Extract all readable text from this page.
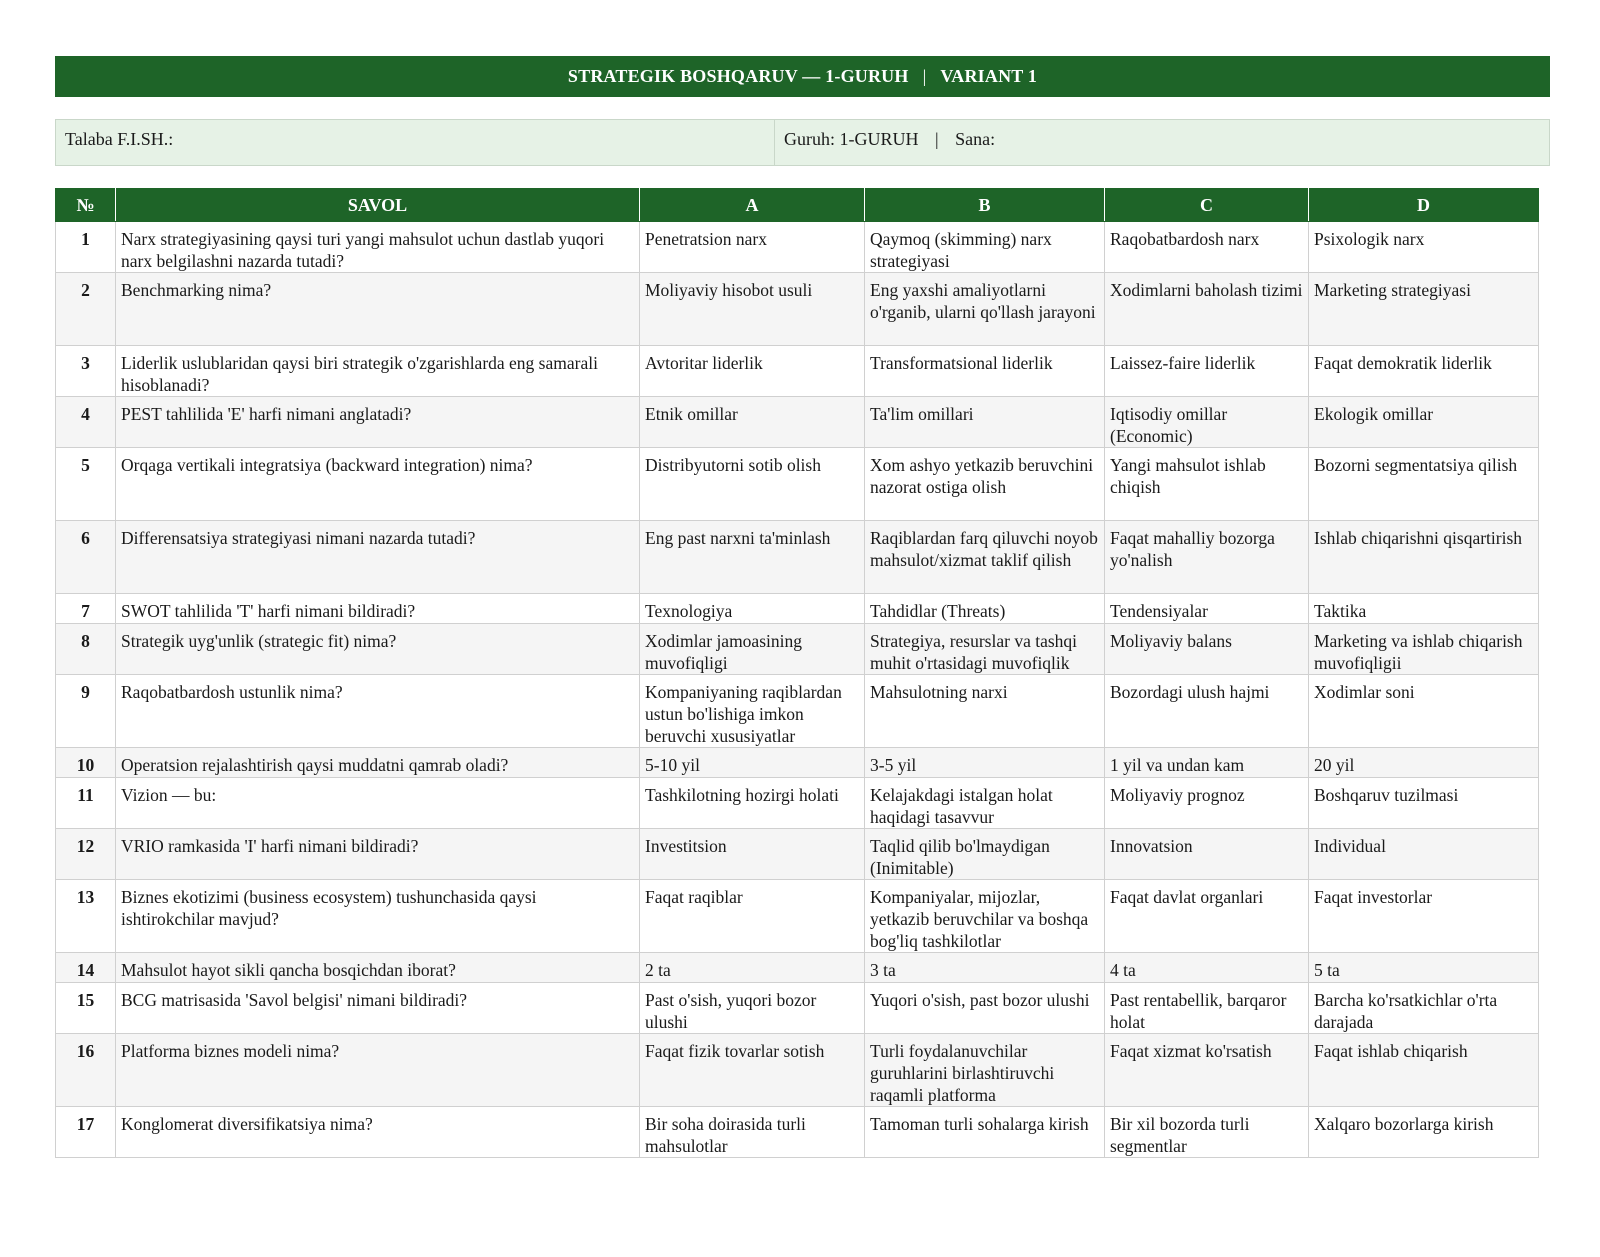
STRATEGIK BOSHQARUV — 1-GURUH | VARIANT 1
Talaba F.I.SH.:	Guruh: 1-GURUH | Sana:
№	SAVOL	A	B	C	D
1	Narx strategiyasining qaysi turi yangi mahsulot uchun dastlab yuqori narx belgilashni nazarda tutadi?	Penetratsion narx	Qaymoq (skimming) narx strategiyasi	Raqobatbardosh narx	Psixologik narx
2	Benchmarking nima?	Moliyaviy hisobot usuli	Eng yaxshi amaliyotlarni o'rganib, ularni qo'llash jarayoni	Xodimlarni baholash tizimi	Marketing strategiyasi
3	Liderlik uslublaridan qaysi biri strategik o'zgarishlarda eng samarali hisoblanadi?	Avtoritar liderlik	Transformatsional liderlik	Laissez-faire liderlik	Faqat demokratik liderlik
4	PEST tahlilida 'E' harfi nimani anglatadi?	Etnik omillar	Ta'lim omillari	Iqtisodiy omillar (Economic)	Ekologik omillar
5	Orqaga vertikali integratsiya (backward integration) nima?	Distribyutorni sotib olish	Xom ashyo yetkazib beruvchini nazorat ostiga olish	Yangi mahsulot ishlab chiqish	Bozorni segmentatsiya qilish
6	Differensatsiya strategiyasi nimani nazarda tutadi?	Eng past narxni ta'minlash	Raqiblardan farq qiluvchi noyob mahsulot/xizmat taklif qilish	Faqat mahalliy bozorga yo'nalish	Ishlab chiqarishni qisqartirish
7	SWOT tahlilida 'T' harfi nimani bildiradi?	Texnologiya	Tahdidlar (Threats)	Tendensiyalar	Taktika
8	Strategik uyg'unlik (strategic fit) nima?	Xodimlar jamoasining muvofiqligi	Strategiya, resurslar va tashqi muhit o'rtasidagi muvofiqlik	Moliyaviy balans	Marketing va ishlab chiqarish muvofiqligii
9	Raqobatbardosh ustunlik nima?	Kompaniyaning raqiblardan ustun bo'lishiga imkon beruvchi xususiyatlar	Mahsulotning narxi	Bozordagi ulush hajmi	Xodimlar soni
10	Operatsion rejalashtirish qaysi muddatni qamrab oladi?	5-10 yil	3-5 yil	1 yil va undan kam	20 yil
11	Vizion — bu:	Tashkilotning hozirgi holati	Kelajakdagi istalgan holat haqidagi tasavvur	Moliyaviy prognoz	Boshqaruv tuzilmasi
12	VRIO ramkasida 'I' harfi nimani bildiradi?	Investitsion	Taqlid qilib bo'lmaydigan (Inimitable)	Innovatsion	Individual
13	Biznes ekotizimi (business ecosystem) tushunchasida qaysi ishtirokchilar mavjud?	Faqat raqiblar	Kompaniyalar, mijozlar, yetkazib beruvchilar va boshqa bog'liq tashkilotlar	Faqat davlat organlari	Faqat investorlar
14	Mahsulot hayot sikli qancha bosqichdan iborat?	2 ta	3 ta	4 ta	5 ta
15	BCG matrisasida 'Savol belgisi' nimani bildiradi?	Past o'sish, yuqori bozor ulushi	Yuqori o'sish, past bozor ulushi	Past rentabellik, barqaror holat	Barcha ko'rsatkichlar o'rta darajada
16	Platforma biznes modeli nima?	Faqat fizik tovarlar sotish	Turli foydalanuvchilar guruhlarini birlashtiruvchi raqamli platforma	Faqat xizmat ko'rsatish	Faqat ishlab chiqarish
17	Konglomerat diversifikatsiya nima?	Bir soha doirasida turli mahsulotlar	Tamoman turli sohalarga kirish	Bir xil bozorda turli segmentlar	Xalqaro bozorlarga kirish
